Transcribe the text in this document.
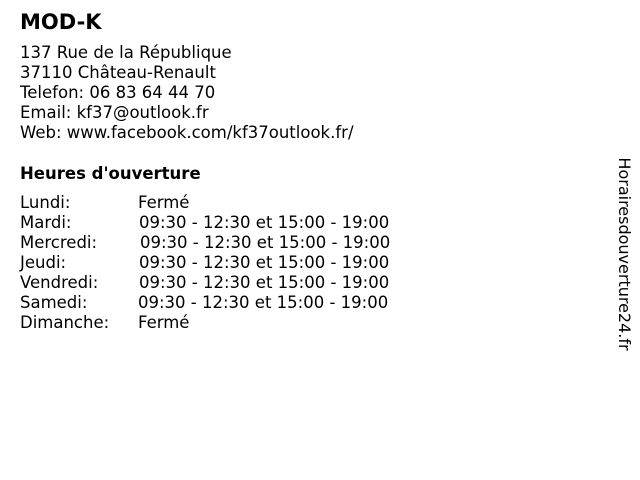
MOD-K
137 Rue de la République
37110 Château-Renault
Telefon: 06 83 64 44 70
Email: kf37@outlook.fr
Web: www.facebook.com/kf37outlook.fr/
Heures d'ouverture
Lundi:	Fermé
Mardi:	09:30 - 12:30 et 15:00 - 19:00
Mercredi:	09:30 - 12:30 et 15:00 - 19:00
Jeudi:	09:30 - 12:30 et 15:00 - 19:00
Vendredi: 09:30 - 12:30 et 15:00 - 19:00
Samedi:	09:30 - 12:30 et 15:00 - 19:00
Dimanche: Fermé	Horairesdouverture24.fr
